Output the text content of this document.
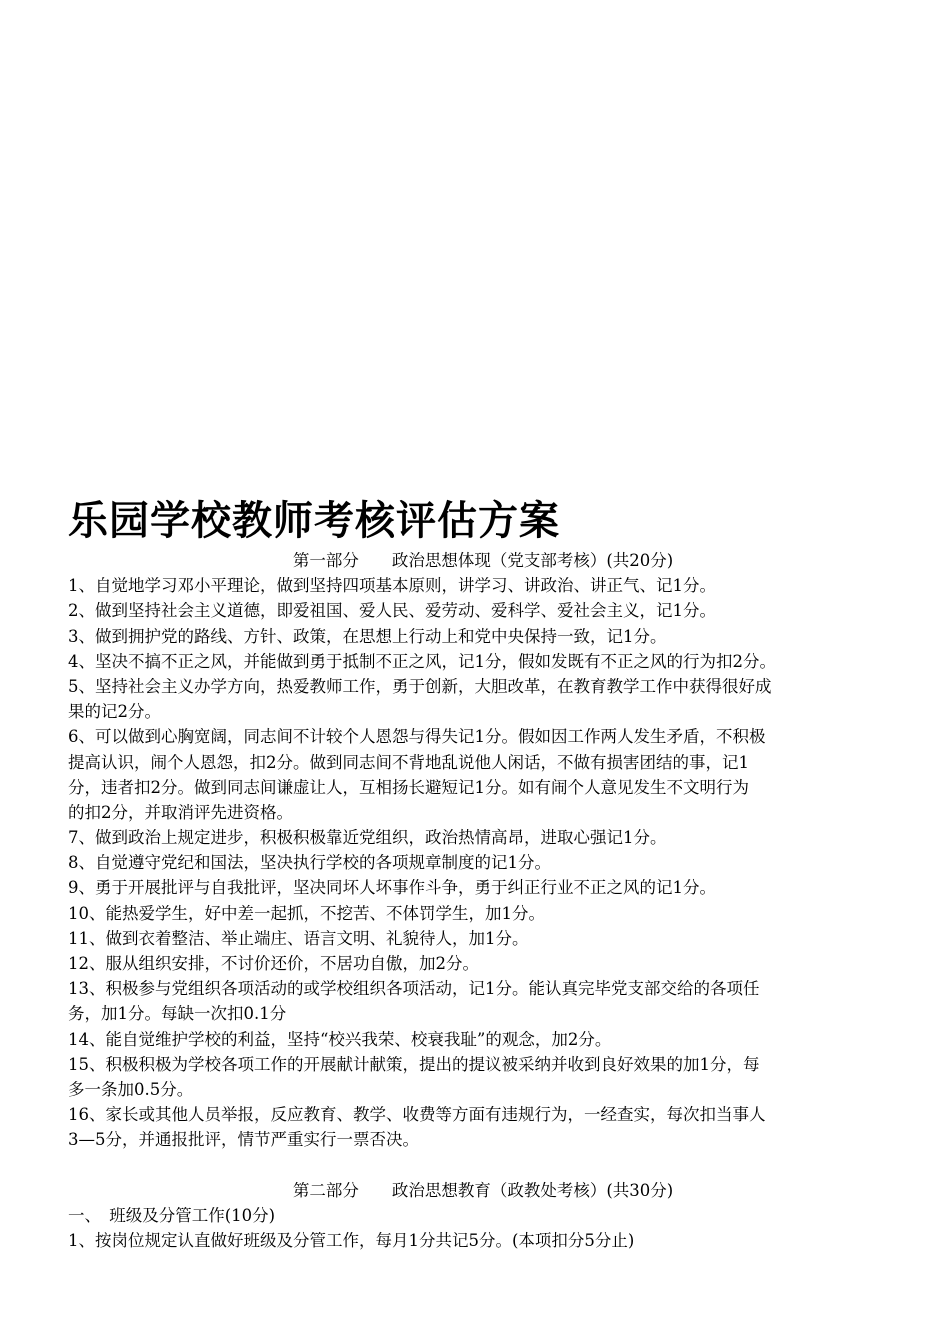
乐园学校教师考核评估方案
第一部分　　政治思想体现（党支部考核）(共20分)
1、自觉地学习邓小平理论，做到坚持四项基本原则，讲学习、讲政治、讲正气、记1分。
2、做到坚持社会主义道德，即爱祖国、爱人民、爱劳动、爱科学、爱社会主义，记1分。
3、做到拥护党的路线、方针、政策，在思想上行动上和党中央保持一致，记1分。
4、坚决不搞不正之风，并能做到勇于抵制不正之风，记1分，假如发既有不正之风的行为扣2分。
5、坚持社会主义办学方向，热爱教师工作，勇于创新，大胆改革，在教育教学工作中获得很好成
果的记2分。
6、可以做到心胸宽阔，同志间不计较个人恩怨与得失记1分。假如因工作两人发生矛盾，不积极
提高认识，闹个人恩怨，扣2分。做到同志间不背地乱说他人闲话，不做有损害团结的事，记1
分，违者扣2分。做到同志间谦虚让人，互相扬长避短记1分。如有闹个人意见发生不文明行为
的扣2分，并取消评先进资格。
7、做到政治上规定进步，积极积极靠近党组织，政治热情高昂，进取心强记1分。
8、自觉遵守党纪和国法，坚决执行学校的各项规章制度的记1分。
9、勇于开展批评与自我批评，坚决同坏人坏事作斗争，勇于纠正行业不正之风的记1分。
10、能热爱学生，好中差一起抓，不挖苦、不体罚学生，加1分。
11、做到衣着整洁、举止端庄、语言文明、礼貌待人，加1分。
12、服从组织安排，不讨价还价，不居功自傲，加2分。
13、积极参与党组织各项活动的或学校组织各项活动，记1分。能认真完毕党支部交给的各项任
务，加1分。每缺一次扣0.1分
14、能自觉维护学校的利益，坚持“校兴我荣、校衰我耻”的观念，加2分。
15、积极积极为学校各项工作的开展献计献策，提出的提议被采纳并收到良好效果的加1分，每
多一条加0.5分。
16、家长或其他人员举报，反应教育、教学、收费等方面有违规行为，一经查实，每次扣当事人
3—5分，并通报批评，情节严重实行一票否决。
第二部分　　政治思想教育（政教处考核）(共30分)
一、　班级及分管工作(10分)
1、按岗位规定认直做好班级及分管工作，每月1分共记5分。(本项扣分5分止)
